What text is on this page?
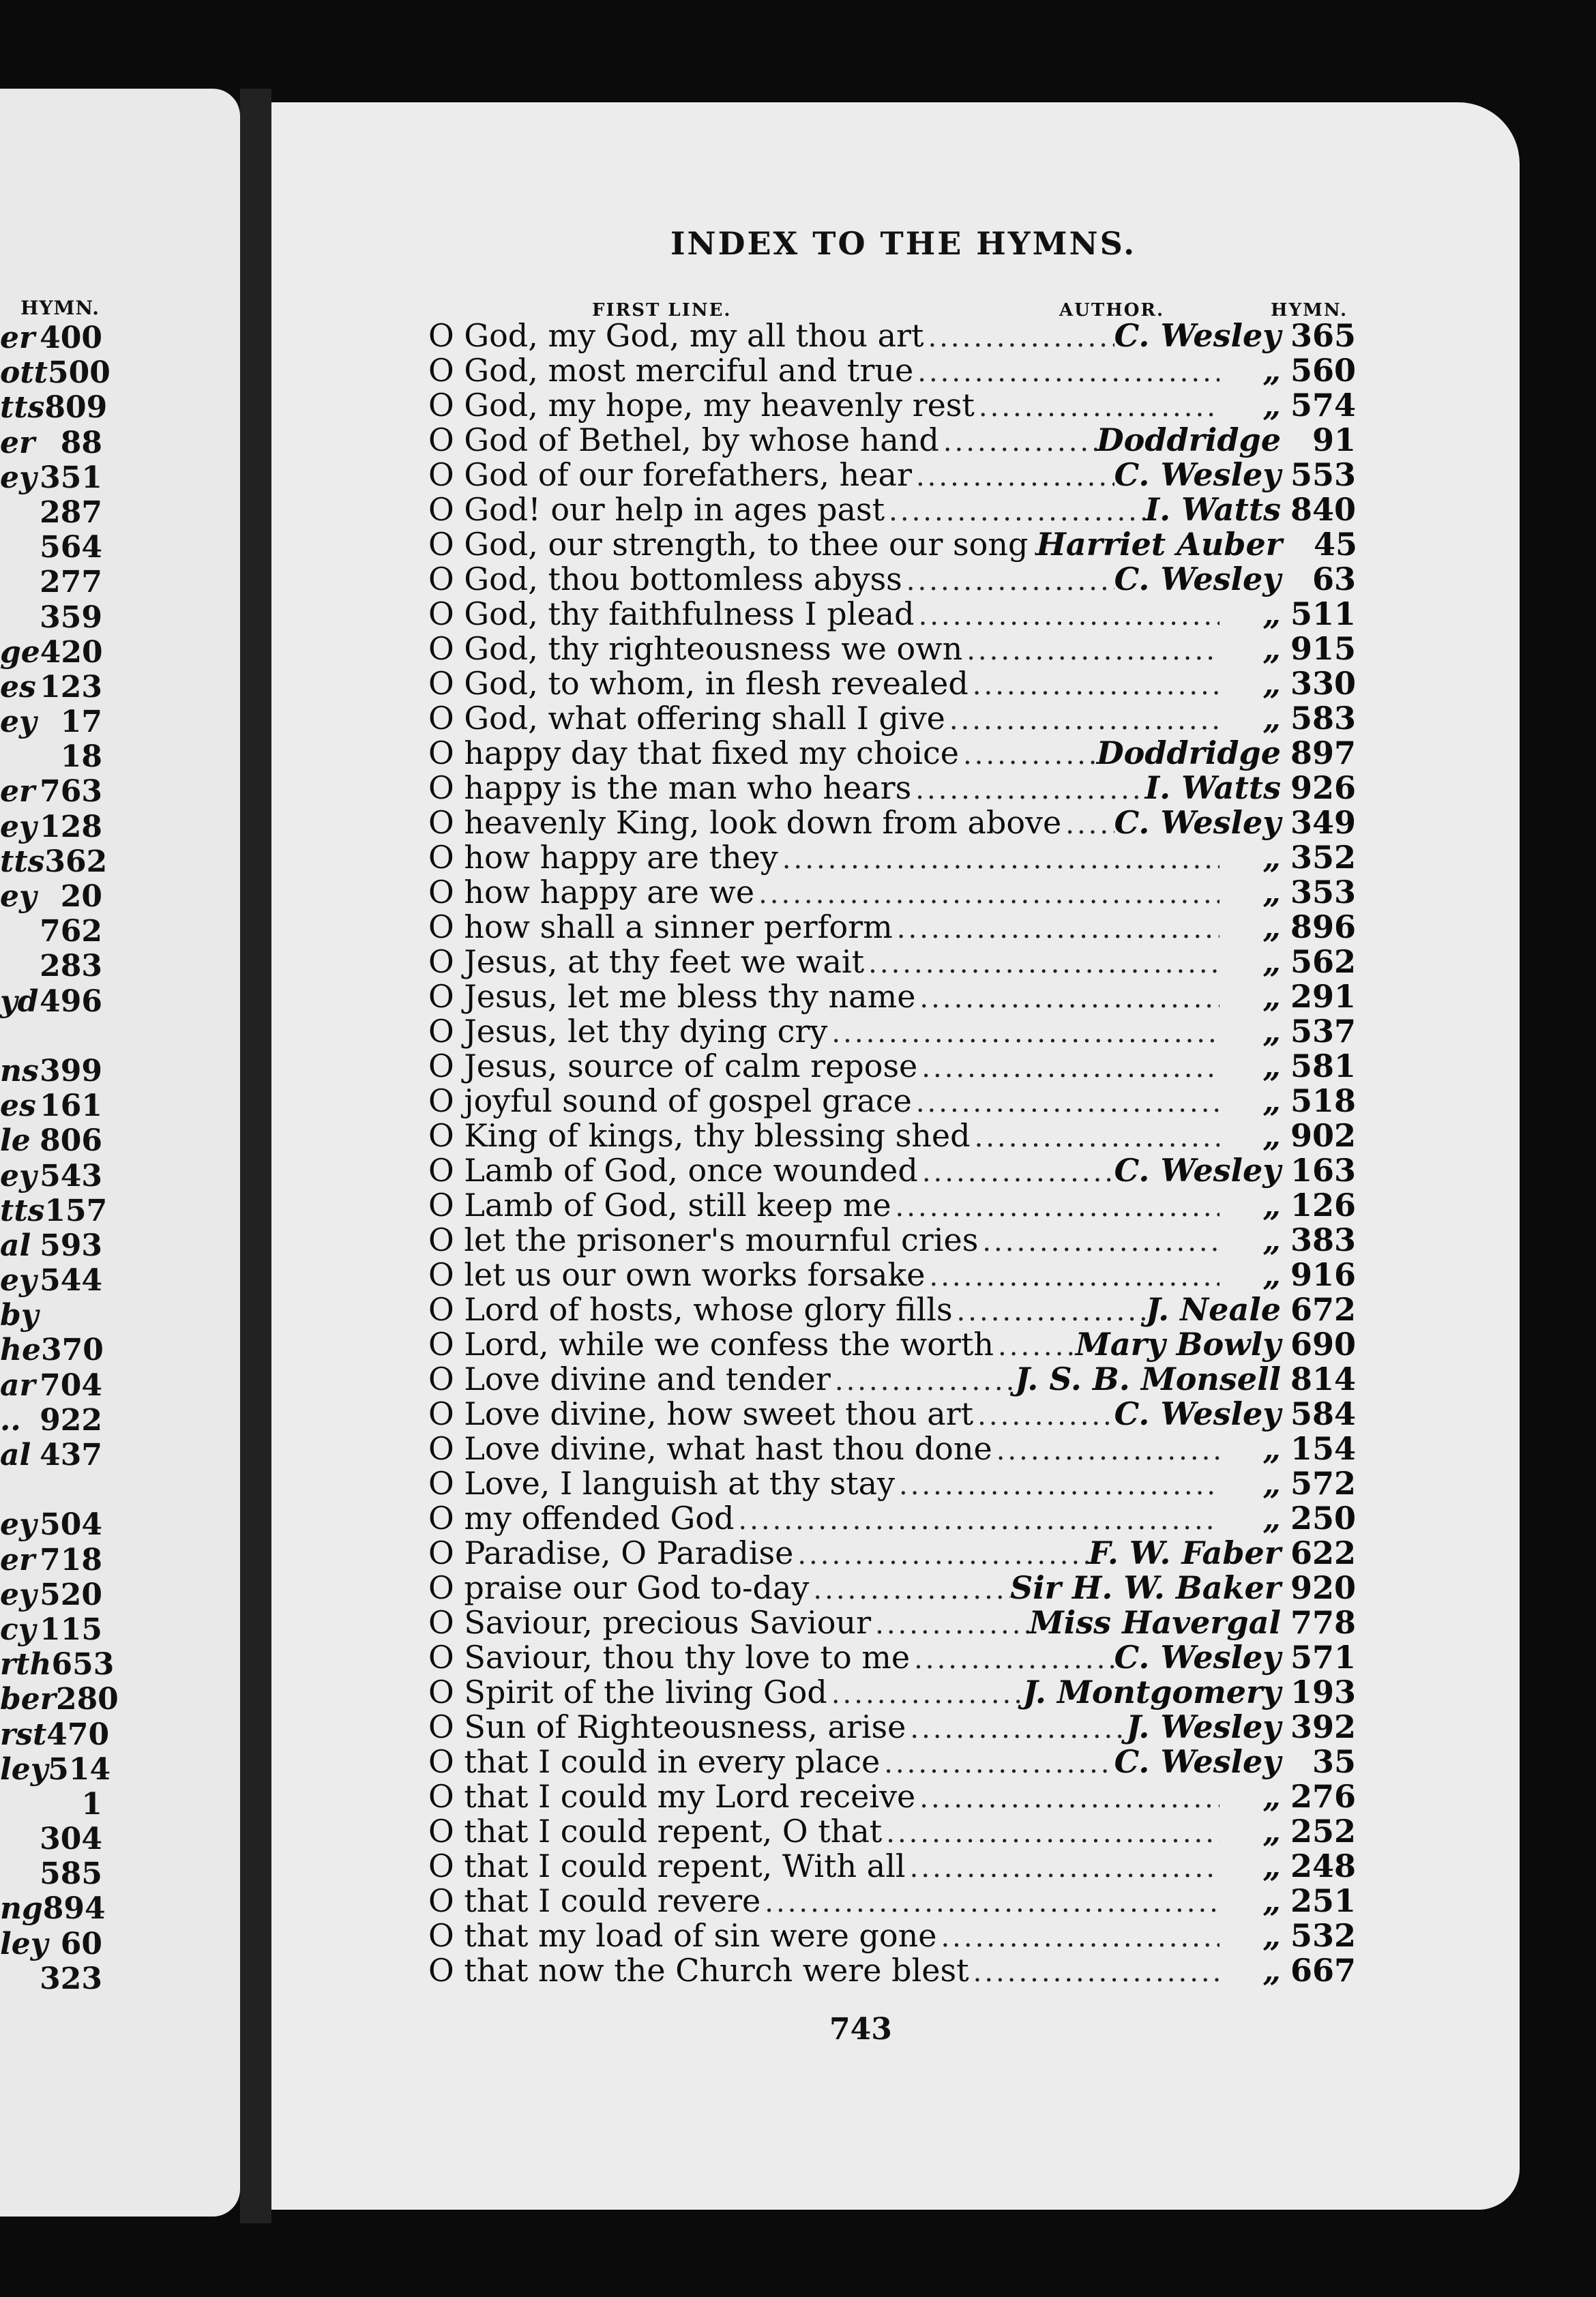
HYMN.
er 400
ott 500
tts 809
er 88
ey 351
287
564
277
359
ge 420
es 123
ey 17
18
er 763
ey 128
tts 362
ey 20
762
283
yd 496
ns 399
es 161
le 806
ey 543
tts 157
al 593
ey 544
by
he 370
ar 704
.. 922
al 437
ey 504
er 718
ey 520
cy 115
rth 653
ber 280
rst 470
ley 514
1
304
585
ng 894
ley 60
323
INDEX TO THE HYMNS.
FIRST LINE.	AUTHOR.	HYMN.
O God, my God, my all thou art .....	C. Wesley 365
O God, most merciful and true .....	„ 560
O God, my hope, my heavenly rest .....	„ 574
O God of Bethel, by whose hand .....	Doddridge 91
O God of our forefathers, hear .....	C. Wesley 553
O God! our help in ages past .....	I. Watts 840
O God, our strength, to thee our song ..... Harriet Auber 45
O God, thou bottomless abyss .....	C. Wesley 63
O God, thy faithfulness I plead .....	„ 511
O God, thy righteousness we own .....	„ 915
O God, to whom, in flesh revealed .....	„ 330
O God, what offering shall I give .....	„ 583
O happy day that fixed my choice .....	Doddridge 897
O happy is the man who hears .....	I. Watts 926
O heavenly King, look down from above ..... C. Wesley 349
O how happy are they .....	„ 352
O how happy are we .....	„ 353
O how shall a sinner perform .....	„ 896
O Jesus, at thy feet we wait .....	„ 562
O Jesus, let me bless thy name .....	„ 291
O Jesus, let thy dying cry .....	„ 537
O Jesus, source of calm repose .....	„ 581
O joyful sound of gospel grace .....	„ 518
O King of kings, thy blessing shed .....	„ 902
O Lamb of God, once wounded .....	C. Wesley 163
O Lamb of God, still keep me .....	„ 126
O let the prisoner's mournful cries .....	„ 383
O let us our own works forsake .....	„ 916
O Lord of hosts, whose glory fills .....	J. Neale 672
O Lord, while we confess the worth .....	Mary Bowly 690
O Love divine and tender .....	J. S. B. Monsell 814
O Love divine, how sweet thou art .....	C. Wesley 584
O Love divine, what hast thou done .....	„ 154
O Love, I languish at thy stay .....	„ 572
O my offended God .....	„ 250
O Paradise, O Paradise .....	F. W. Faber 622
O praise our God to-day .....	Sir H. W. Baker 920
O Saviour, precious Saviour .....	Miss Havergal 778
O Saviour, thou thy love to me .....	C. Wesley 571
O Spirit of the living God .....	J. Montgomery 193
O Sun of Righteousness, arise .....	J. Wesley 392
O that I could in every place .....	C. Wesley 35
O that I could my Lord receive .....	„ 276
O that I could repent, O that .....	„ 252
O that I could repent, With all .....	„ 248
O that I could revere .....	„ 251
O that my load of sin were gone .....	„ 532
O that now the Church were blest .....	„ 667
743
